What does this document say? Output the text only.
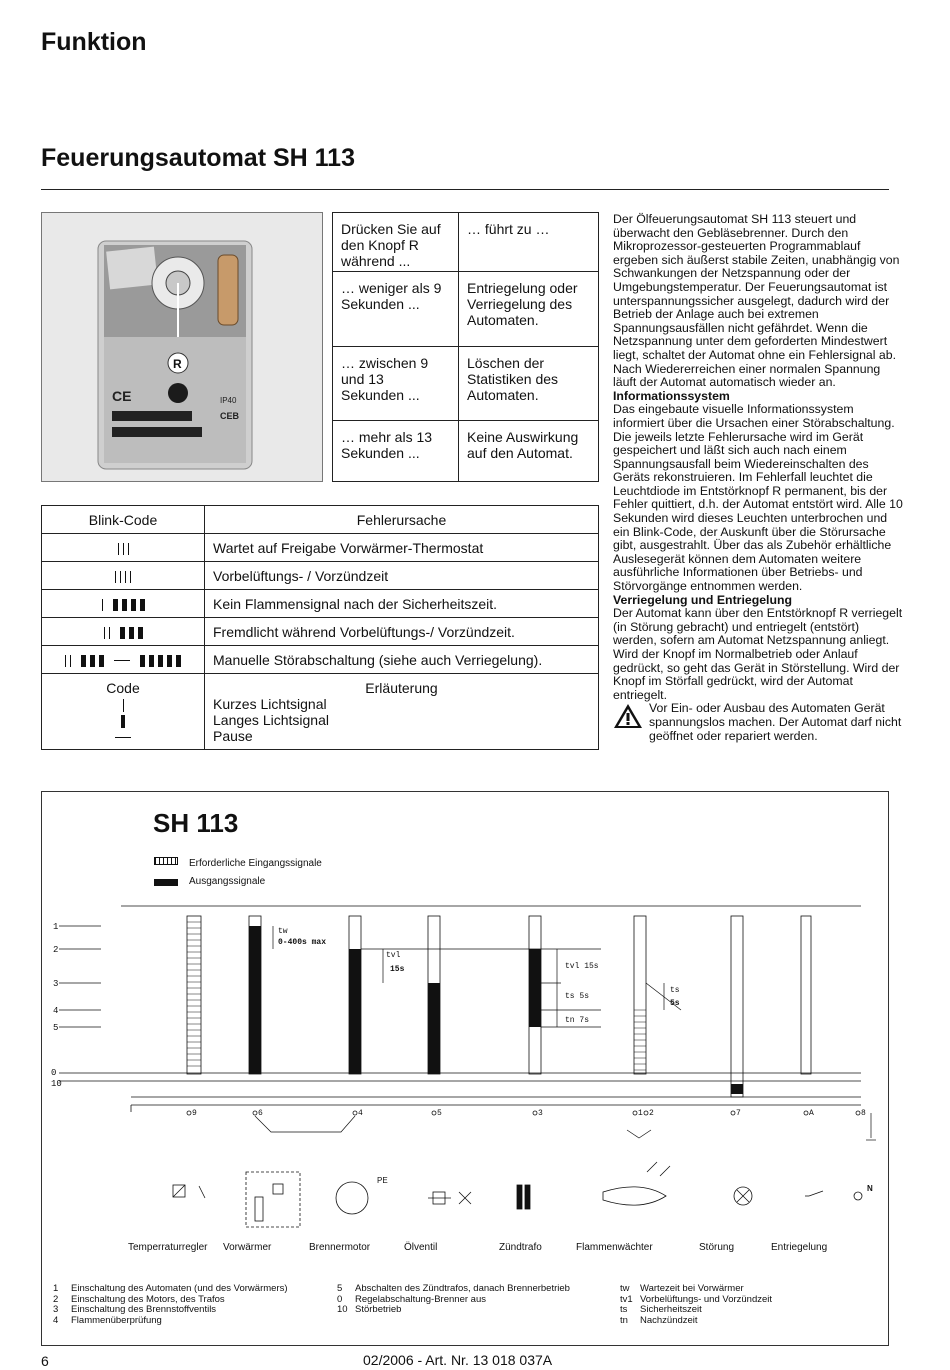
Funktion
Feuerungsautomat SH 113
R
CE	IP40
CEB
Drücken Sie auf den Knopf R während ...	… führt zu …
… weniger als 9 Sekunden ...	Entriegelung oder Verriegelung des Automaten.
… zwischen 9 und 13 Sekunden ...	Löschen der Statistiken des Automaten.
… mehr als 13 Sekunden ...	Keine Auswirkung auf den Automat.
Blink-Code	Fehlerursache
	Wartet auf Freigabe Vorwärmer-Thermostat
	Vorbelüftungs- / Vorzündzeit
	Kein Flammensignal nach der Sicherheitszeit.
	Fremdlicht während Vorbelüftungs-/ Vorzündzeit.
	Manuelle Störabschaltung (siehe auch Verriegelung).

Code	Erläuterung
Kurzes Lichtsignal
Langes Lichtsignal
Pause

Der Ölfeuerungsautomat SH 113 steuert und überwacht den Gebläsebrenner. Durch den Mikroprozessor-gesteuerten Programmablauf ergeben sich äußerst stabile Zeiten, unabhängig von Schwankungen der Netzspannung oder der Umgebungstemperatur. Der Feuerungsautomat ist unterspannungssicher ausgelegt, dadurch wird der Betrieb der Anlage auch bei extremen Spannungsausfällen nicht gefährdet. Wenn die Netzspannung unter dem geforderten Mindestwert liegt, schaltet der Automat ohne ein Fehlersignal ab. Nach Wiedererreichen einer normalen Spannung läuft der Automat automatisch wieder an.

Informationssystem

Das eingebaute visuelle Informationssystem informiert über die Ursachen einer Störabschaltung. Die jeweils letzte Fehlerursache wird im Gerät gespeichert und läßt sich auch nach einem Spannungsausfall beim Wiedereinschalten des Geräts rekonstruieren. Im Fehlerfall leuchtet die Leuchtdiode im Entstörknopf R permanent, bis der Fehler quittiert, d.h. der Automat entstört wird. Alle 10 Sekunden wird dieses Leuchten unterbrochen und ein Blink-Code, der Auskunft über die Störursache gibt, ausgestrahlt. Über das als Zubehör erhältliche Auslesegerät können dem Automaten weitere ausführliche Informationen über Betriebs- und Störvorgänge entnommen werden.

Verriegelung und Entriegelung

Der Automat kann über den Entstörknopf R verriegelt (in Störung gebracht) und entriegelt (entstört) werden, sofern am Automat Netzspannung anliegt. Wird der Knopf im Normalbetrieb oder Anlauf gedrückt, so geht das Gerät in Störstellung. Wird der Knopf im Störfall gedrückt, wird der Automat entriegelt.

Vor Ein- oder Ausbau des Automaten Gerät spannungslos machen. Der Automat darf nicht geöffnet oder repariert werden.

SH 113
Erforderliche Eingangssignale
Ausgangssignale
1
2
3
4
5
0
10
tw
0-400s max
tvl
15s	tvl 15s
ts 5s
tn 7s
ts
5s
9	6	4	5	3	1 2	7	A	8
PE
N
Temperraturregler Vorwärmer	Brennermotor	Ölventil	Zündtrafo	Flammenwächter	Störung	Entriegelung
1 Einschaltung des Automaten (und des Vorwärmers)
2 Einschaltung des Motors, des Trafos
3 Einschaltung des Brennstoffventils
4 Flammenüberprüfung
5 Abschalten des Zündtrafos, danach Brennerbetrieb
0 Regelabschaltung-Brenner aus
10 Störbetrieb
tw Wartezeit bei Vorwärmer
tv1 Vorbelüftungs- und Vorzündzeit
ts Sicherheitszeit
tn Nachzündzeit
6	02/2006 - Art. Nr. 13 018 037A
